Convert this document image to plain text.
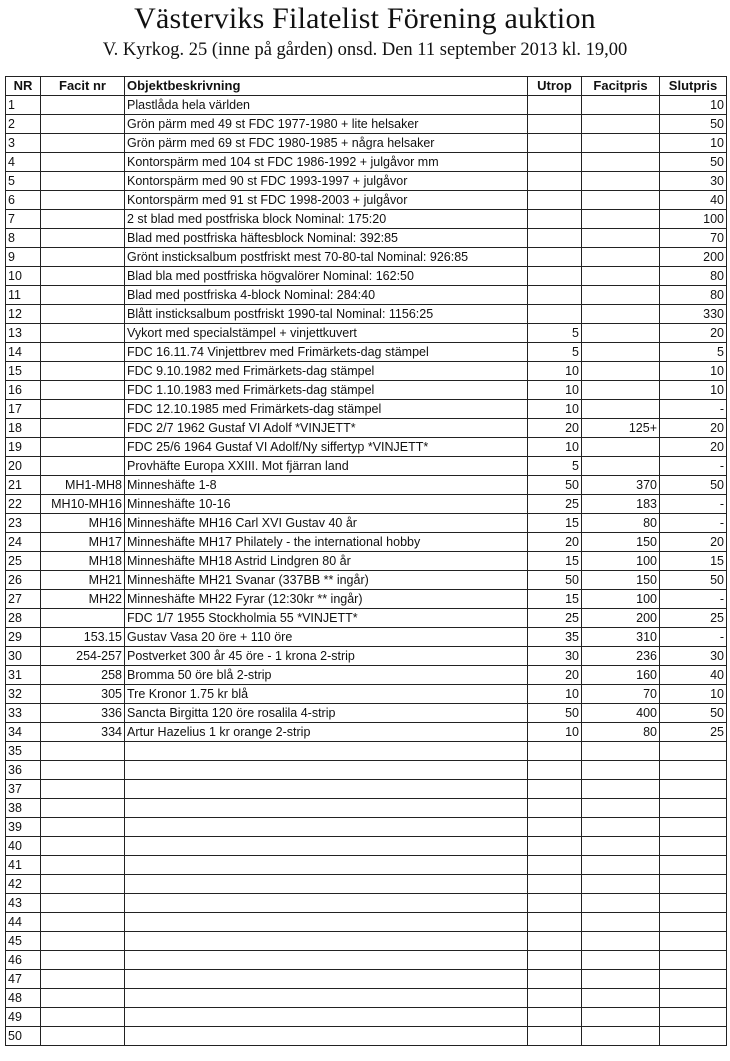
Västerviks Filatelist Förening auktion
V. Kyrkog. 25 (inne på gården) onsd. Den 11 september 2013 kl. 19,00
NR	Facit nr	Objektbeskrivning	Utrop	Facitpris	Slutpris
1		Plastlåda hela världen			10
2		Grön pärm med 49 st FDC 1977-1980 + lite helsaker			50
3		Grön pärm med 69 st FDC 1980-1985 + några helsaker			10
4		Kontorspärm med 104 st FDC 1986-1992 + julgåvor mm			50
5		Kontorspärm med 90 st FDC 1993-1997 + julgåvor			30
6		Kontorspärm med 91 st FDC 1998-2003 + julgåvor			40
7		2 st blad med postfriska block Nominal: 175:20			100
8		Blad med postfriska häftesblock Nominal: 392:85			70
9		Grönt insticksalbum postfriskt mest 70-80-tal Nominal: 926:85			200
10		Blad bla med postfriska högvalörer Nominal: 162:50			80
11		Blad med postfriska 4-block Nominal: 284:40			80
12		Blått insticksalbum postfriskt 1990-tal Nominal: 1156:25			330
13		Vykort med specialstämpel + vinjettkuvert	5		20
14		FDC 16.11.74 Vinjettbrev med Frimärkets-dag stämpel	5		5
15		FDC 9.10.1982 med Frimärkets-dag stämpel	10		10
16		FDC 1.10.1983 med Frimärkets-dag stämpel	10		10
17		FDC 12.10.1985 med Frimärkets-dag stämpel	10		-
18		FDC 2/7 1962 Gustaf VI Adolf *VINJETT*	20	125+	20
19		FDC 25/6 1964 Gustaf VI Adolf/Ny siffertyp *VINJETT*	10		20
20		Provhäfte Europa XXIII. Mot fjärran land	5		-
21	MH1-MH8	Minneshäfte 1-8	50	370	50
22	MH10-MH16	Minneshäfte 10-16	25	183	-
23	MH16	Minneshäfte MH16 Carl XVI Gustav 40 år	15	80	-
24	MH17	Minneshäfte MH17 Philately - the international hobby	20	150	20
25	MH18	Minneshäfte MH18 Astrid Lindgren 80 år	15	100	15
26	MH21	Minneshäfte MH21 Svanar (337BB ** ingår)	50	150	50
27	MH22	Minneshäfte MH22 Fyrar (12:30kr ** ingår)	15	100	-
28		FDC 1/7 1955 Stockholmia 55 *VINJETT*	25	200	25
29	153.15	Gustav Vasa 20 öre + 110 öre	35	310	-
30	254-257	Postverket 300 år 45 öre - 1 krona 2-strip	30	236	30
31	258	Bromma 50 öre blå 2-strip	20	160	40
32	305	Tre Kronor 1.75 kr blå	10	70	10
33	336	Sancta Birgitta 120 öre rosalila 4-strip	50	400	50
34	334	Artur Hazelius 1 kr orange 2-strip	10	80	25
35					
36					
37					
38					
39					
40					
41					
42					
43					
44					
45					
46					
47					
48					
49					
50					
